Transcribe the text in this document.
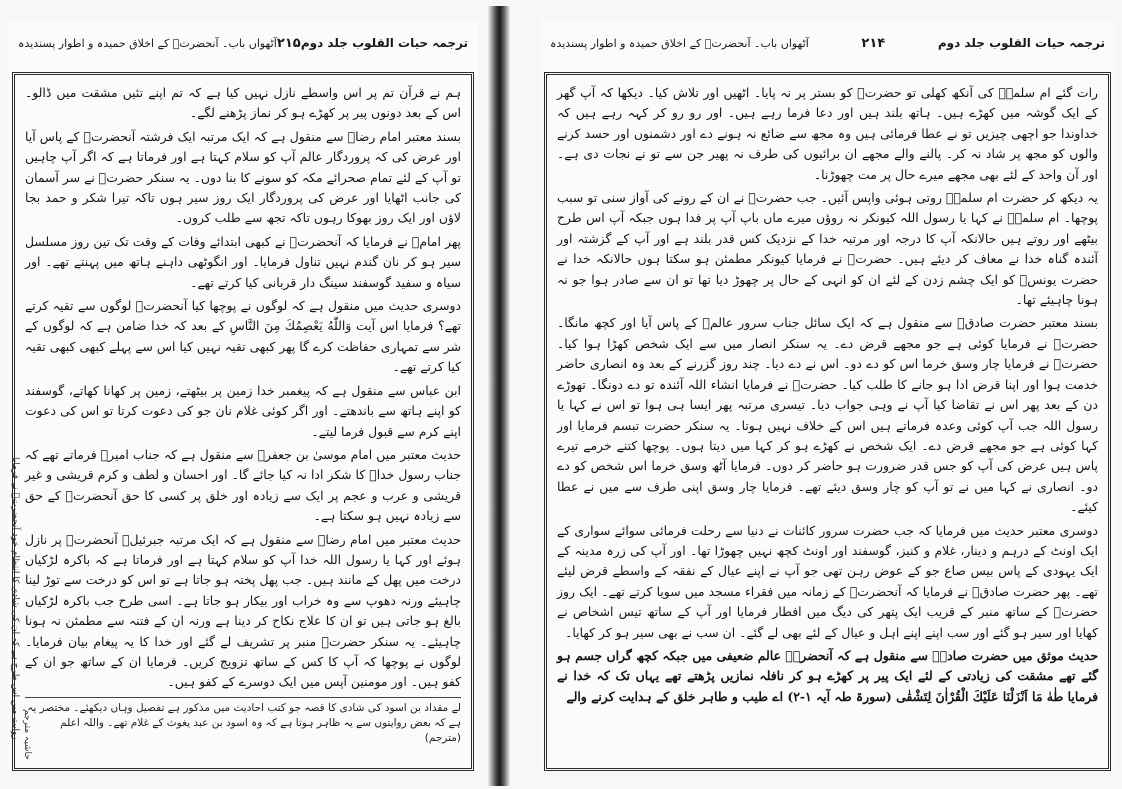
ترجمہ حیات القلوب جلد دوم
۲۱۵
آٹھواں باب۔ آنحضرتؐ کے اخلاق حمیدہ و اطوار پسندیدہ
روایت میں اس طرح ہے کہ ان کی شادی کا انتظام خود آنحضرتؐ نے فرمایا حاشیہ مترجم

ہم نے قرآن تم پر اس واسطے نازل نہیں کیا ہے کہ تم اپنے تئیں مشقت میں ڈالو۔ اس کے بعد دونوں پیر پر کھڑے ہو کر نماز پڑھنے لگے۔

بسند معتبر امام رضاؑ سے منقول ہے کہ ایک مرتبہ ایک فرشتہ آنحضرتؐ کے پاس آیا اور عرض کی کہ پروردگار عالم آپ کو سلام کہتا ہے اور فرماتا ہے کہ اگر آپ چاہیں تو آپ کے لئے تمام صحرائے مکہ کو سونے کا بنا دوں۔ یہ سنکر حضرتؐ نے سر آسمان کی جانب اٹھایا اور عرض کی پروردگار ایک روز سیر ہوں تاکہ تیرا شکر و حمد بجا لاؤں اور ایک روز بھوکا رہوں تاکہ تجھ سے طلب کروں۔

پھر امامؑ نے فرمایا کہ آنحضرتؐ نے کبھی ابتدائے وفات کے وقت تک تین روز مسلسل سیر ہو کر نان گندم نہیں تناول فرمایا۔ اور انگوٹھی داہنے ہاتھ میں پہنتے تھے۔ اور سیاہ و سفید گوسفند سینگ دار قربانی کیا کرتے تھے۔

دوسری حدیث میں منقول ہے کہ لوگوں نے پوچھا کیا آنحضرتؐ لوگوں سے تقیہ کرتے تھے؟ فرمایا اس آیت وَاللّٰهُ يَعْصِمُكَ مِنَ النَّاسِ کے بعد کہ خدا ضامن ہے کہ لوگوں کے شر سے تمہاری حفاظت کرے گا پھر کبھی تقیہ نہیں کیا اس سے پہلے کبھی کبھی تقیہ کیا کرتے تھے۔

ابن عباس سے منقول ہے کہ پیغمبر خدا زمین پر بیٹھتے، زمین پر کھانا کھاتے، گوسفند کو اپنے ہاتھ سے باندھتے۔ اور اگر کوئی غلام نان جو کی دعوت کرتا تو اس کی دعوت اپنے کرم سے قبول فرما لیتے۔

حدیث معتبر میں امام موسیٰ بن جعفرؑ سے منقول ہے کہ جناب امیرؑ فرماتے تھے کہ جناب رسول خداؐ کا شکر ادا نہ کیا جائے گا۔ اور احسان و لطف و کرم قریشی و غیر قریشی و عرب و عجم پر ایک سے زیادہ اور خلق پر کسی کا حق آنحضرتؐ کے حق سے زیادہ نہیں ہو سکتا ہے۔

حدیث معتبر میں امام رضاؑ سے منقول ہے کہ ایک مرتبہ جبرئیلؑ آنحضرتؐ پر نازل ہوئے اور کہا یا رسول اللہ خدا آپ کو سلام کہتا ہے اور فرماتا ہے کہ باکرہ لڑکیاں درخت میں پھل کے مانند ہیں۔ جب پھل پختہ ہو جاتا ہے تو اس کو درخت سے توڑ لینا چاہیئے ورنہ دھوپ سے وہ خراب اور بیکار ہو جاتا ہے۔ اسی طرح جب باکرہ لڑکیاں بالغ ہو جاتی ہیں تو ان کا علاج نکاح کر دینا ہے ورنہ ان کے فتنہ سے مطمئن نہ ہونا چاہیئے۔ یہ سنکر حضرتؐ منبر پر تشریف لے گئے اور خدا کا یہ پیغام بیان فرمایا۔ لوگوں نے پوچھا کہ آپ کا کس کے ساتھ تزویج کریں۔ فرمایا ان کے ساتھ جو ان کے کفو ہیں۔ اور مومنین آپس میں ایک دوسرے کے کفو ہیں۔

لے مقداد بن اسود کی شادی کا قصہ جو کتب احادیث میں مذکور ہے تفصیل وہاں دیکھئے۔ مختصر یہ ہے کہ بعض روایتوں سے یہ ظاہر ہوتا ہے کہ وہ اسود بن عبد یغوث کے غلام تھے۔ واللہ اعلم (مترجم)
ترجمہ حیات القلوب جلد دوم
۲۱۴
آٹھواں باب۔ آنحضرتؐ کے اخلاق حمیدہ و اطوار پسندیدہ

رات گئے ام سلمہؓ کی آنکھ کھلی تو حضرتؐ کو بستر پر نہ پایا۔ اٹھیں اور تلاش کیا۔ دیکھا کہ آپ گھر کے ایک گوشہ میں کھڑے ہیں۔ ہاتھ بلند ہیں اور دعا فرما رہے ہیں۔ اور رو رو کر کہہ رہے ہیں کہ خداوندا جو اچھی چیزیں تو نے عطا فرمائی ہیں وہ مجھ سے ضائع نہ ہونے دے اور دشمنوں اور حسد کرنے والوں کو مجھ پر شاد نہ کر۔ پالنے والے مجھے ان برائیوں کی طرف نہ پھیر جن سے تو نے نجات دی ہے۔ اور آن واحد کے لئے بھی مجھے میرے حال پر مت چھوڑنا۔

یہ دیکھ کر حضرت ام سلمہؓ روتی ہوئی واپس آئیں۔ جب حضرتؐ نے ان کے رونے کی آواز سنی تو سبب پوچھا۔ ام سلمہؓ نے کہا یا رسول اللہ کیونکر نہ روؤں میرے ماں باپ آپ پر فدا ہوں جبکہ آپ اس طرح بیٹھے اور روتے ہیں حالانکہ آپ کا درجہ اور مرتبہ خدا کے نزدیک کس قدر بلند ہے اور آپ کے گزشتہ اور آئندہ گناہ خدا نے معاف کر دیئے ہیں۔ حضرتؐ نے فرمایا کیونکر مطمئن ہو سکتا ہوں حالانکہ خدا نے حضرت یونسؑ کو ایک چشم زدن کے لئے ان کو انہی کے حال پر چھوڑ دیا تھا تو ان سے صادر ہوا جو نہ ہونا چاہیئے تھا۔

بسند معتبر حضرت صادقؑ سے منقول ہے کہ ایک سائل جناب سرور عالمؐ کے پاس آیا اور کچھ مانگا۔ حضرتؐ نے فرمایا کوئی ہے جو مجھے قرض دے۔ یہ سنکر انصار میں سے ایک شخص کھڑا ہوا کیا۔ حضرتؐ نے فرمایا چار وسق خرما اس کو دے دو۔ اس نے دے دیا۔ چند روز گزرنے کے بعد وہ انصاری حاضر خدمت ہوا اور اپنا قرض ادا ہو جانے کا طلب کیا۔ حضرتؐ نے فرمایا انشاء اللہ آئندہ تو دے دونگا۔ تھوڑے دن کے بعد پھر اس نے تقاضا کیا آپ نے وہی جواب دیا۔ تیسری مرتبہ پھر ایسا ہی ہوا تو اس نے کہا یا رسول اللہ جب آپ کوئی وعدہ فرماتے ہیں اس کے خلاف نہیں ہوتا۔ یہ سنکر حضرت تبسم فرمایا اور کہا کوئی ہے جو مجھے قرض دے۔ ایک شخص نے کھڑے ہو کر کہا میں دیتا ہوں۔ پوچھا کتنے خرمے تیرے پاس ہیں عرض کی آپ کو جس قدر ضرورت ہو حاضر کر دوں۔ فرمایا آٹھ وسق خرما اس شخص کو دے دو۔ انصاری نے کہا میں نے تو آپ کو چار وسق دیئے تھے۔ فرمایا چار وسق اپنی طرف سے میں نے عطا کیئے۔

دوسری معتبر حدیث میں فرمایا کہ جب حضرت سرور کائنات نے دنیا سے رحلت فرمائی سوائے سواری کے ایک اونٹ کے درہم و دینار، غلام و کنیز، گوسفند اور اونٹ کچھ نہیں چھوڑا تھا۔ اور آپ کی زرہ مدینہ کے ایک یہودی کے پاس بیس صاع جو کے عوض رہن تھی جو آپ نے اپنے عیال کے نفقہ کے واسطے قرض لیئے تھے۔ پھر حضرت صادقؑ نے فرمایا کہ آنحضرتؐ کے زمانہ میں فقراء مسجد میں سویا کرتے تھے۔ ایک روز حضرتؐ کے ساتھ منبر کے قریب ایک پتھر کی دیگ میں افطار فرمایا اور آپ کے ساتھ تیس اشخاص نے کھایا اور سیر ہو گئے اور سب اپنے اپنے اہل و عیال کے لئے بھی لے گئے۔ ان سب نے بھی سیر ہو کر کھایا۔

حدیث موثق میں حضرت صادقؑ سے منقول ہے کہ آنحضرتؐ عالم ضعیفی میں جبکہ کچھ گراں جسم ہو گئے تھے مشقت کی زیادتی کے لئے ایک پیر پر کھڑے ہو کر نافلہ نمازیں پڑھتے تھے یہاں تک کہ خدا نے فرمایا طٰهٰ مَا اَنْزَلْنَا عَلَيْكَ الْقُرْاٰنَ لِتَشْقٰى (سورۃ طہ آیہ ۱-۲) اے طیب و طاہر خلق کے ہدایت کرنے والے
